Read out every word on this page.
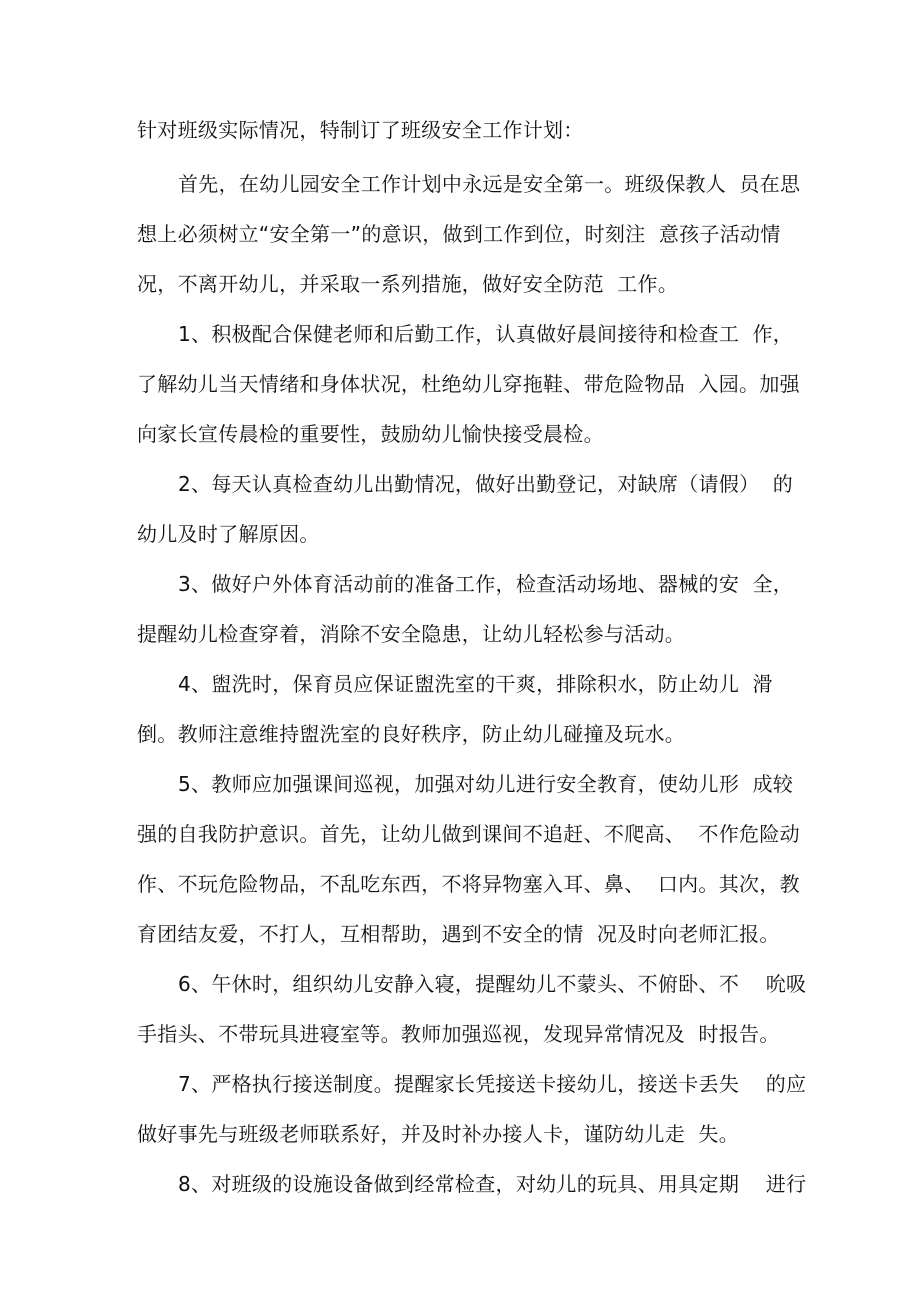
针对班级实际情况，特制订了班级安全工作计划：
首先，在幼儿园安全工作计划中永远是安全第一。班级保教人  员在思
想上必须树立“安全第一”的意识，做到工作到位，时刻注  意孩子活动情
况，不离开幼儿，并采取一系列措施，做好安全防范  工作。
1、积极配合保健老师和后勤工作，认真做好晨间接待和检查工  作，
了解幼儿当天情绪和身体状况，杜绝幼儿穿拖鞋、带危险物品  入园。加强
向家长宣传晨检的重要性，鼓励幼儿愉快接受晨检。
2、每天认真检查幼儿出勤情况，做好出勤登记，对缺席（请假）  的
幼儿及时了解原因。
3、做好户外体育活动前的准备工作，检查活动场地、器械的安  全，
提醒幼儿检查穿着，消除不安全隐患，让幼儿轻松参与活动。
4、盥洗时，保育员应保证盥洗室的干爽，排除积水，防止幼儿  滑
倒。教师注意维持盥洗室的良好秩序，防止幼儿碰撞及玩水。
5、教师应加强课间巡视，加强对幼儿进行安全教育，使幼儿形  成较
强的自我防护意识。首先，让幼儿做到课间不追赶、不爬高、  不作危险动
作、不玩危险物品，不乱吃东西，不将异物塞入耳、鼻、  口内。其次，教
育团结友爱，不打人，互相帮助，遇到不安全的情  况及时向老师汇报。
6、午休时，组织幼儿安静入寝，提醒幼儿不蒙头、不俯卧、不    吮吸
手指头、不带玩具进寝室等。教师加强巡视，发现异常情况及  时报告。
7、严格执行接送制度。提醒家长凭接送卡接幼儿，接送卡丢失    的应
做好事先与班级老师联系好，并及时补办接人卡，谨防幼儿走  失。
8、对班级的设施设备做到经常检查，对幼儿的玩具、用具定期    进行
